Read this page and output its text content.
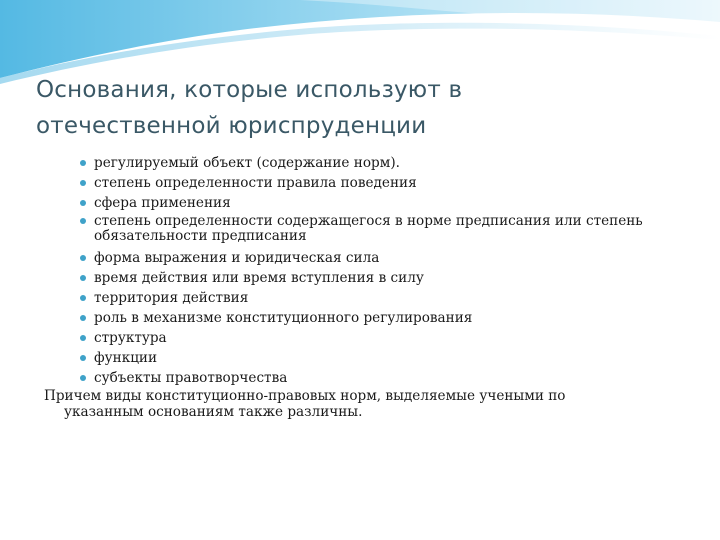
Основания, которые используют в
отечественной юриспруденции
регулируемый объект (содержание норм).
степень определенности правила поведения
сфера применения
степень определенности содержащегося в норме предписания или степень обязательности предписания
форма выражения и юридическая сила
время действия или время вступления в силу
территория действия
роль в механизме конституционного регулирования
структура
функции
субъекты правотворчества

Причем виды конституционно-правовых норм, выделяемые учеными по
указанным основаниям также различны.
